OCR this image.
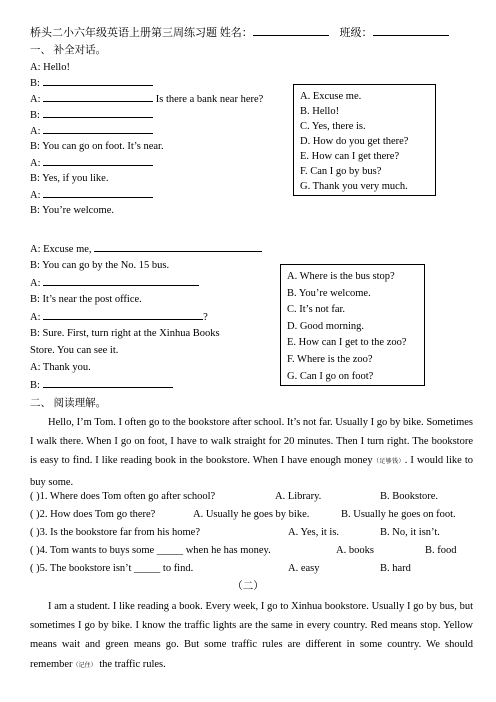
桥头二小六年级英语上册第三周练习题 姓名：	班级：
一、 补全对话。
A: Hello!
B:
A:	Is there a bank near here?
B:
A:
B: You can go on foot. It’s near.
A:
B: Yes, if you like.
A:
B: You’re welcome.
A. Excuse me.
B. Hello!
C. Yes, there is.
D. How do you get there?
E. How can I get there?
F. Can I go by bus?
G. Thank you very much.
A: Excuse me,
B: You can go by the No. 15 bus.
A:
B: It’s near the post office.
A:	?
B: Sure. First, turn right at the Xinhua Books
Store. You can see it.
A: Thank you.
B:
A. Where is the bus stop?
B. You’re welcome.
C. It’s not far.
D. Good morning.
E. How can I get to the zoo?
F. Where is the zoo?
G. Can I go on foot?
二、 阅读理解。
Hello, I’m Tom. I often go to the bookstore after school. It’s not far. Usually I go by bike. Sometimes I walk there. When I go on foot, I have to walk straight for 20 minutes. Then I turn right. The bookstore is easy to find. I like reading book in the bookstore. When I have enough money（足够钱）. I would like to buy some.
( )1. Where does Tom often go after school?	A. Library.	B. Bookstore.
( )2. How does Tom go there?	A. Usually he goes by bike.	B. Usually he goes on foot.
( )3. Is the bookstore far from his home?	A. Yes, it is.	B. No, it isn’t.
( )4. Tom wants to buys some _____ when he has money.	A. books	B. food
( )5. The bookstore isn’t _____ to find.	A. easy	B. hard
（二）
I am a student. I like reading a book. Every week, I go to Xinhua bookstore. Usually I go by bus, but sometimes I go by bike. I know the traffic lights are the same in every country. Red means stop. Yellow means wait and green means go. But some traffic rules are different in some country. We should remember（记住） the traffic rules.
